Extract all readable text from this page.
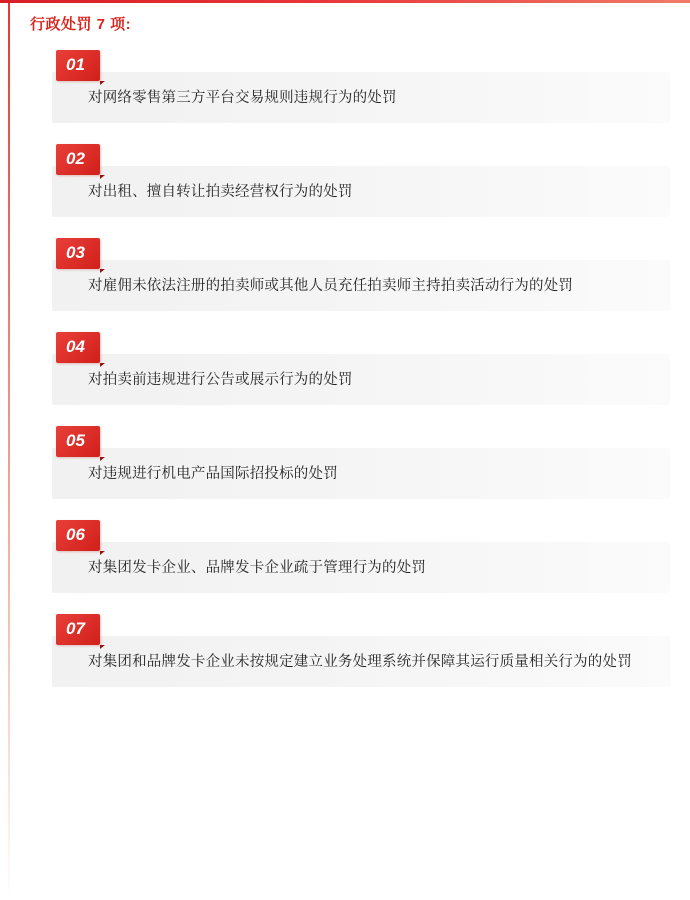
行政处罚 7 项:
01
对网络零售第三方平台交易规则违规行为的处罚
02
对出租、擅自转让拍卖经营权行为的处罚
03
对雇佣未依法注册的拍卖师或其他人员充任拍卖师主持拍卖活动行为的处罚
04
对拍卖前违规进行公告或展示行为的处罚
05
对违规进行机电产品国际招投标的处罚
06
对集团发卡企业、品牌发卡企业疏于管理行为的处罚
07
对集团和品牌发卡企业未按规定建立业务处理系统并保障其运行质量相关行为的处罚
